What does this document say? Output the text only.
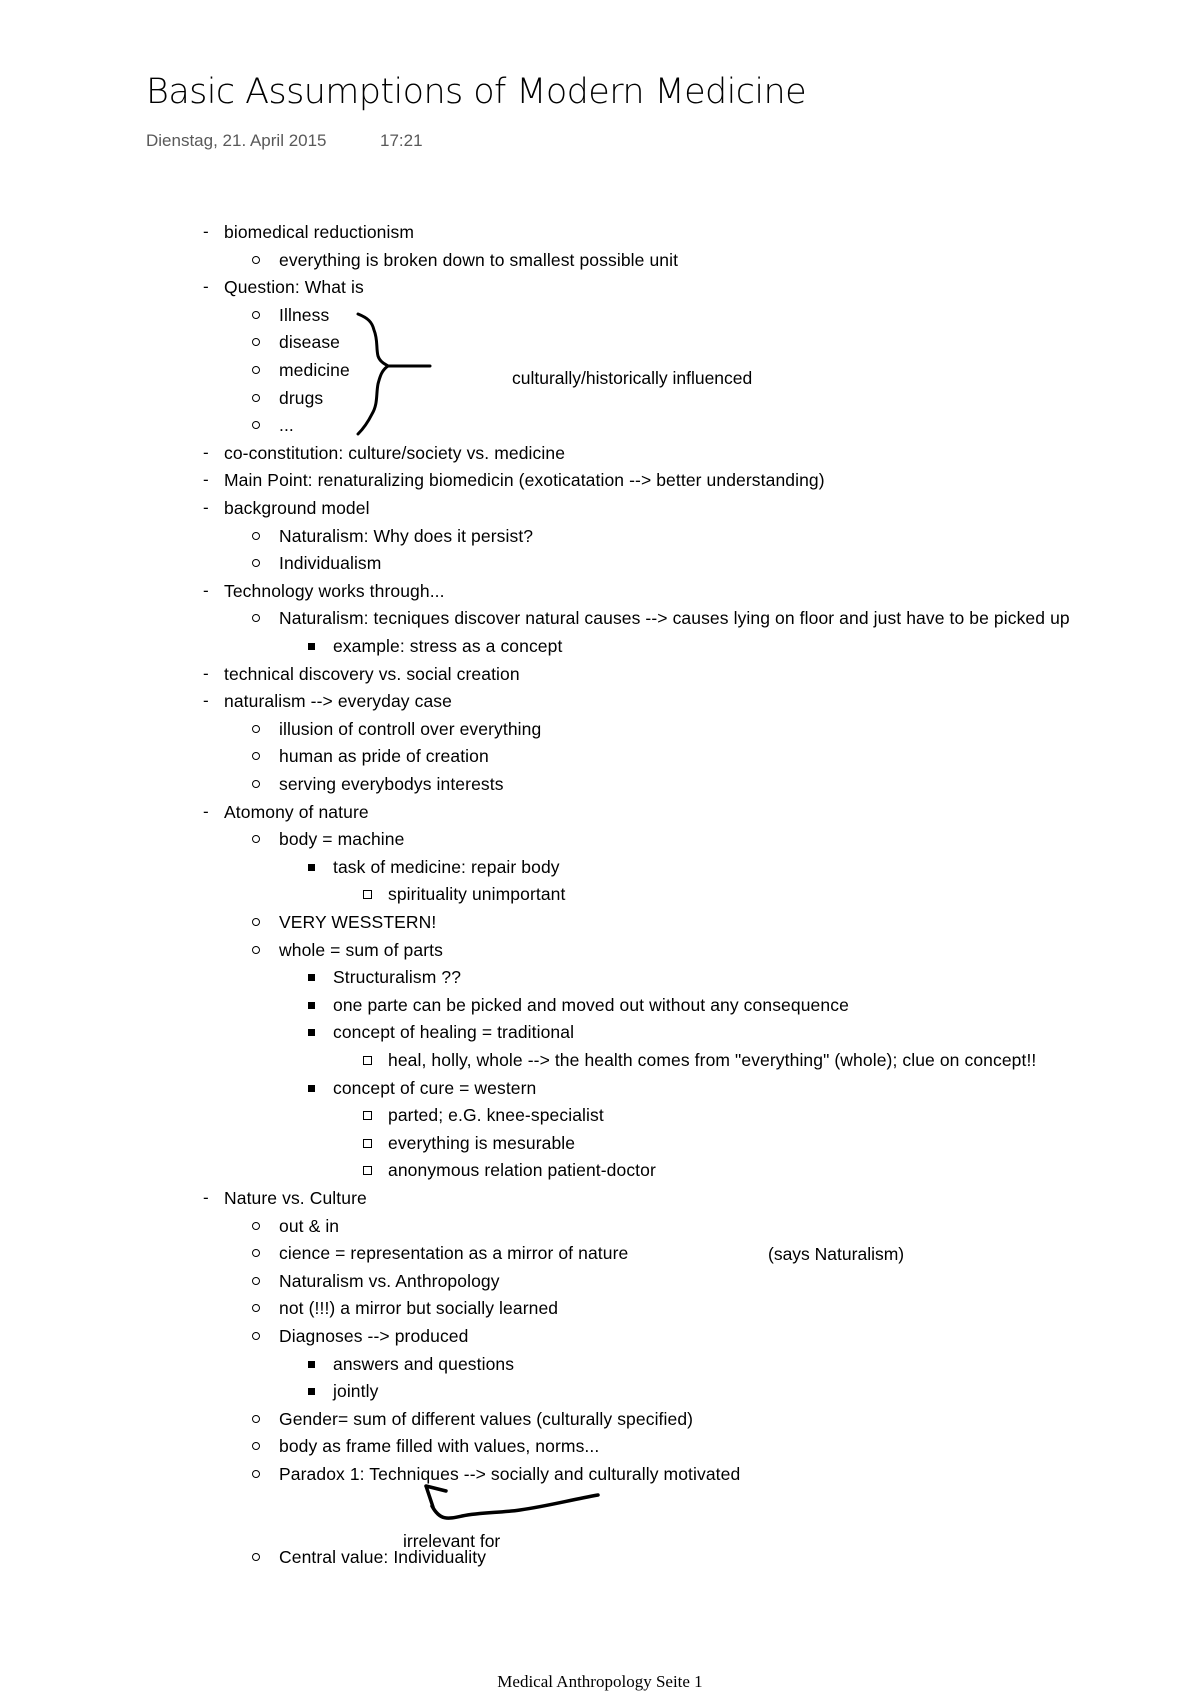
Basic Assumptions of Modern Medicine
Dienstag, 21. April 2015	17:21
- biomedical reductionism
everything is broken down to smallest possible unit
- Question: What is
Illness
disease
medicine
drugs
...
- co-constitution: culture/society vs. medicine
- Main Point: renaturalizing biomedicin (exoticatation --> better understanding)
- background model
Naturalism: Why does it persist?
Individualism
- Technology works through...
Naturalism: tecniques discover natural causes --> causes lying on floor and just have to be picked up
example: stress as a concept
- technical discovery vs. social creation
- naturalism --> everyday case
illusion of controll over everything
human as pride of creation
serving everybodys interests
- Atomony of nature
body = machine
task of medicine: repair body
spirituality unimportant
VERY WESSTERN!
whole = sum of parts
Structuralism ??
one parte can be picked and moved out without any consequence
concept of healing = traditional
heal, holly, whole --> the health comes from "everything" (whole); clue on concept!!
concept of cure = western
parted; e.G. knee-specialist
everything is mesurable
anonymous relation patient-doctor
- Nature vs. Culture
out & in
cience = representation as a mirror of nature
Naturalism vs. Anthropology
not (!!!) a mirror but socially learned
Diagnoses --> produced
answers and questions
jointly
Gender= sum of different values (culturally specified)
body as frame filled with values, norms...
Paradox 1: Techniques --> socially and culturally motivated
Central value: Individuality
culturally/historically influenced
(says Naturalism)
irrelevant for
Medical Anthropology Seite 1
